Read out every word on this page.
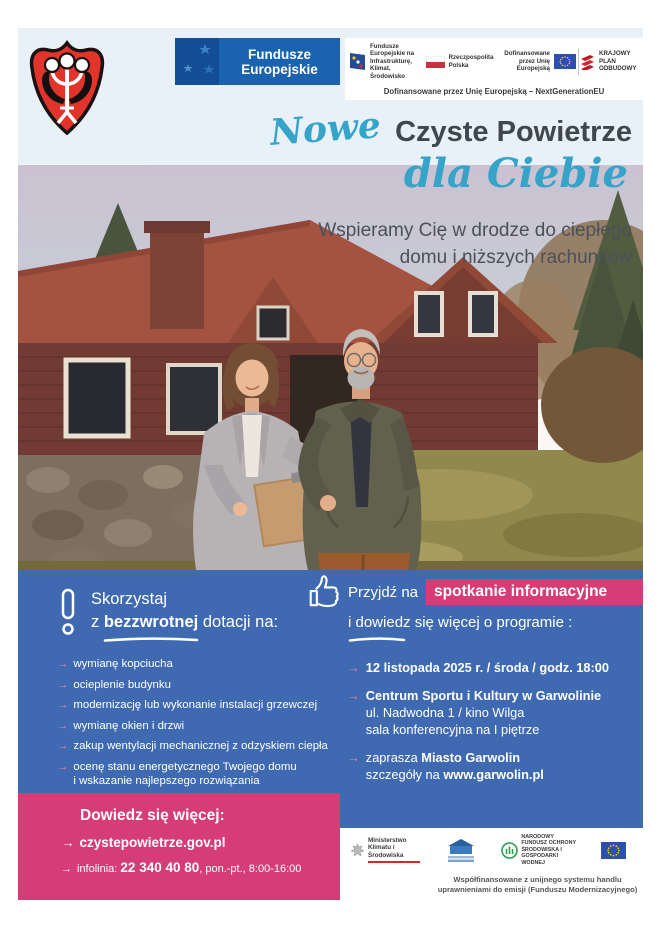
Fundusze Europejskie
Fundusze Europejskie na Infrastrukturę, Klimat, Środowisko
Rzeczpospolita Polska
Dofinansowane przez Unię Europejską
KRAJOWY PLAN ODBUDOWY
Dofinansowane przez Unię Europejską – NextGenerationEU
Nowe Czyste Powietrze
dla Ciebie
Wspieramy Cię w drodze do ciepłego
domu i niższych rachunków
Skorzystaj
z bezzwrotnej dotacji na:
→ wymianę kopciucha
→ ocieplenie budynku
→ modernizację lub wykonanie instalacji grzewczej
→ wymianę okien i drzwi
→ zakup wentylacji mechanicznej z odzyskiem ciepła
→ ocenę stanu energetycznego Twojego domu
i wskazanie najlepszego rozwiązania
Przyjdź na	spotkanie informacyjne
i dowiedz się więcej o programie :
→ 12 listopada 2025 r. / środa / godz. 18:00
→ Centrum Sportu i Kultury w Garwolinie
ul. Nadwodna 1 / kino Wilga
sala konferencyjna na I piętrze
→ zaprasza Miasto Garwolin
szczegóły na www.garwolin.pl
Dowiedz się więcej:
→ czystepowietrze.gov.pl
→ infolinia: 22 340 40 80, pon.-pt., 8:00-16:00
Ministerstwo Klimatu i Środowiska
NARODOWY FUNDUSZ OCHRONY ŚRODOWISKA I GOSPODARKI WODNEJ
Współfinansowane z unijnego systemu handlu
uprawnieniami do emisji (Funduszu Modernizacyjnego)
